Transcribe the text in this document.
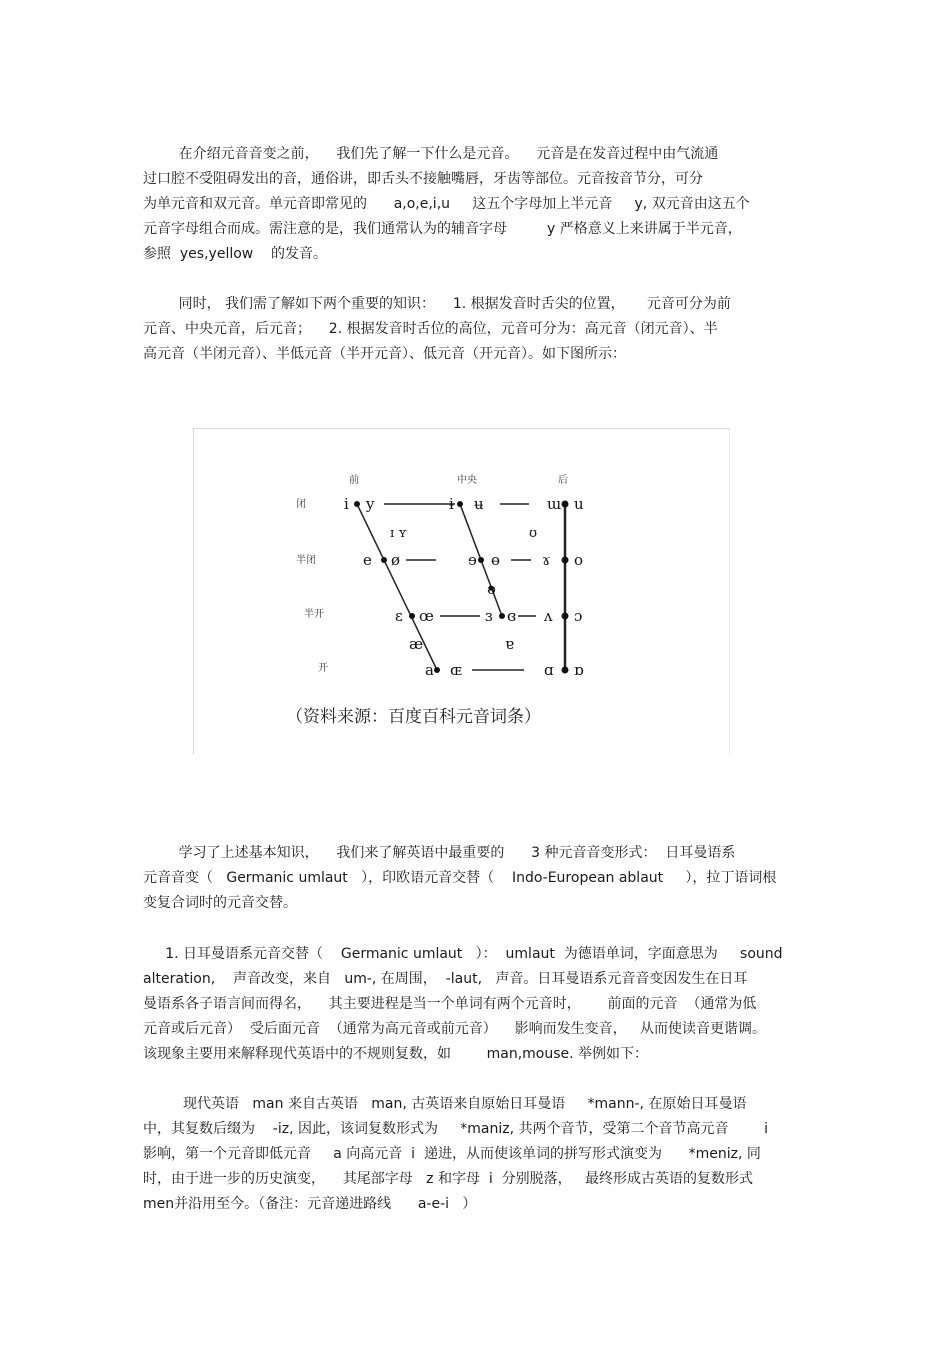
在介绍元音音变之前，    我们先了解一下什么是元音。    元音是在发音过程中由气流通
过口腔不受阻碍发出的音，通俗讲，即舌头不接触嘴唇，牙齿等部位。元音按音节分，可分
为单元音和双元音。单元音即常见的      a,o,e,i,u     这五个字母加上半元音     y, 双元音由这五个
元音字母组合而成。需注意的是，我们通常认为的辅音字母         y 严格意义上来讲属于半元音，
参照  yes,yellow    的发音。
同时， 我们需了解如下两个重要的知识：    1. 根据发音时舌尖的位置，     元音可分为前
元音、中央元音，后元音；    2. 根据发音时舌位的高位，元音可分为：高元音（闭元音）、半
高元音（半闭元音）、半低元音（半开元音）、低元音（开元音）。如下图所示：
前	中央	后
闭
半闭
半开
开
i y	ɨ ʉ	ɯ u
ɪ ʏ	ʊ
e ø	ɘ ɵ	ɤ o
ə
ɛ œ	ɜ ɞ ʌ ɔ
æ	ɐ
a ɶ	ɑ ɒ
（资料来源：百度百科元音词条）
学习了上述基本知识，    我们来了解英语中最重要的      3 种元音音变形式：  日耳曼语系
元音音变（   Germanic umlaut   ），印欧语元音交替（    Indo-European ablaut     ），拉丁语词根
变复合词时的元音交替。
1. 日耳曼语系元音交替（    Germanic umlaut   ）：  umlaut  为德语单词，字面意思为     sound
alteration,    声音改变，来自   um-, 在周围，  -laut,   声音。日耳曼语系元音音变因发生在日耳
曼语系各子语言间而得名，    其主要进程是当一个单词有两个元音时，      前面的元音  （通常为低
元音或后元音）  受后面元音  （通常为高元音或前元音）    影响而发生变音，   从而使读音更谐调。
该现象主要用来解释现代英语中的不规则复数，如        man,mouse. 举例如下：
现代英语   man 来自古英语   man, 古英语来自原始日耳曼语     *mann-, 在原始日耳曼语
中，其复数后缀为    -iz, 因此，该词复数形式为     *maniz, 共两个音节，受第二个音节高元音        i
影响，第一个元音即低元音     a 向高元音  i  递进，从而使该单词的拼写形式演变为      *meniz, 同
时，由于进一步的历史演变，    其尾部字母   z 和字母  i  分别脱落，   最终形成古英语的复数形式
men并沿用至今。（备注：元音递进路线      a-e-i   ）
